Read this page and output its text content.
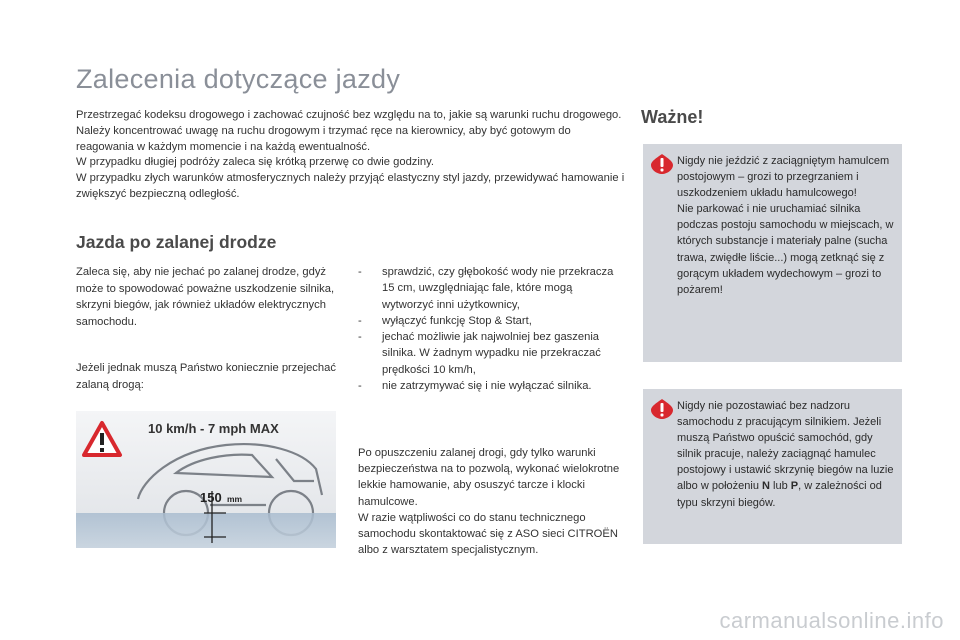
Zalecenia dotyczące jazdy

Przestrzegać kodeksu drogowego i zachować czujność bez względu na to, jakie są warunki ruchu drogowego.

Należy koncentrować uwagę na ruchu drogowym i trzymać ręce na kierownicy, aby być gotowym do reagowania w każdym momencie i na każdą ewentualność.

W przypadku długiej podróży zaleca się krótką przerwę co dwie godziny.

W przypadku złych warunków atmosferycznych należy przyjąć elastyczny styl jazdy, przewidywać hamowanie i zwiększyć bezpieczną odległość.

Jazda po zalanej drodze

Zaleca się, aby nie jechać po zalanej drodze, gdyż może to spowodować poważne uszkodzenie silnika, skrzyni biegów, jak również układów elektrycznych samochodu.

Jeżeli jednak muszą Państwo koniecznie przejechać zalaną drogą:

- sprawdzić, czy głębokość wody nie przekracza 15 cm, uwzględniając fale, które mogą wytworzyć inni użytkownicy,
- wyłączyć funkcję Stop & Start,
- jechać możliwie jak najwolniej bez gaszenia silnika. W żadnym wypadku nie przekraczać prędkości 10 km/h,
- nie zatrzymywać się i nie wyłączać silnika.

Po opuszczeniu zalanej drogi, gdy tylko warunki bezpieczeństwa na to pozwolą, wykonać wielokrotne lekkie hamowanie, aby osuszyć tarcze i klocki hamulcowe.

W razie wątpliwości co do stanu technicznego samochodu skontaktować się z ASO sieci CITROËN albo z warsztatem specjalistycznym.

10 km/h - 7 mph MAX
150 mm
Ważne!

Nigdy nie jeździć z zaciągniętym hamulcem postojowym – grozi to przegrzaniem i uszkodzeniem układu hamulcowego!

Nie parkować i nie uruchamiać silnika podczas postoju samochodu w miejscach, w których substancje i materiały palne (sucha trawa, zwiędłe liście...) mogą zetknąć się z gorącym układem wydechowym – grozi to pożarem!

Nigdy nie pozostawiać bez nadzoru samochodu z pracującym silnikiem. Jeżeli muszą Państwo opuścić samochód, gdy silnik pracuje, należy zaciągnąć hamulec postojowy i ustawić skrzynię biegów na luzie albo w położeniu N lub P, w zależności od typu skrzyni biegów.

carmanualsonline.info
